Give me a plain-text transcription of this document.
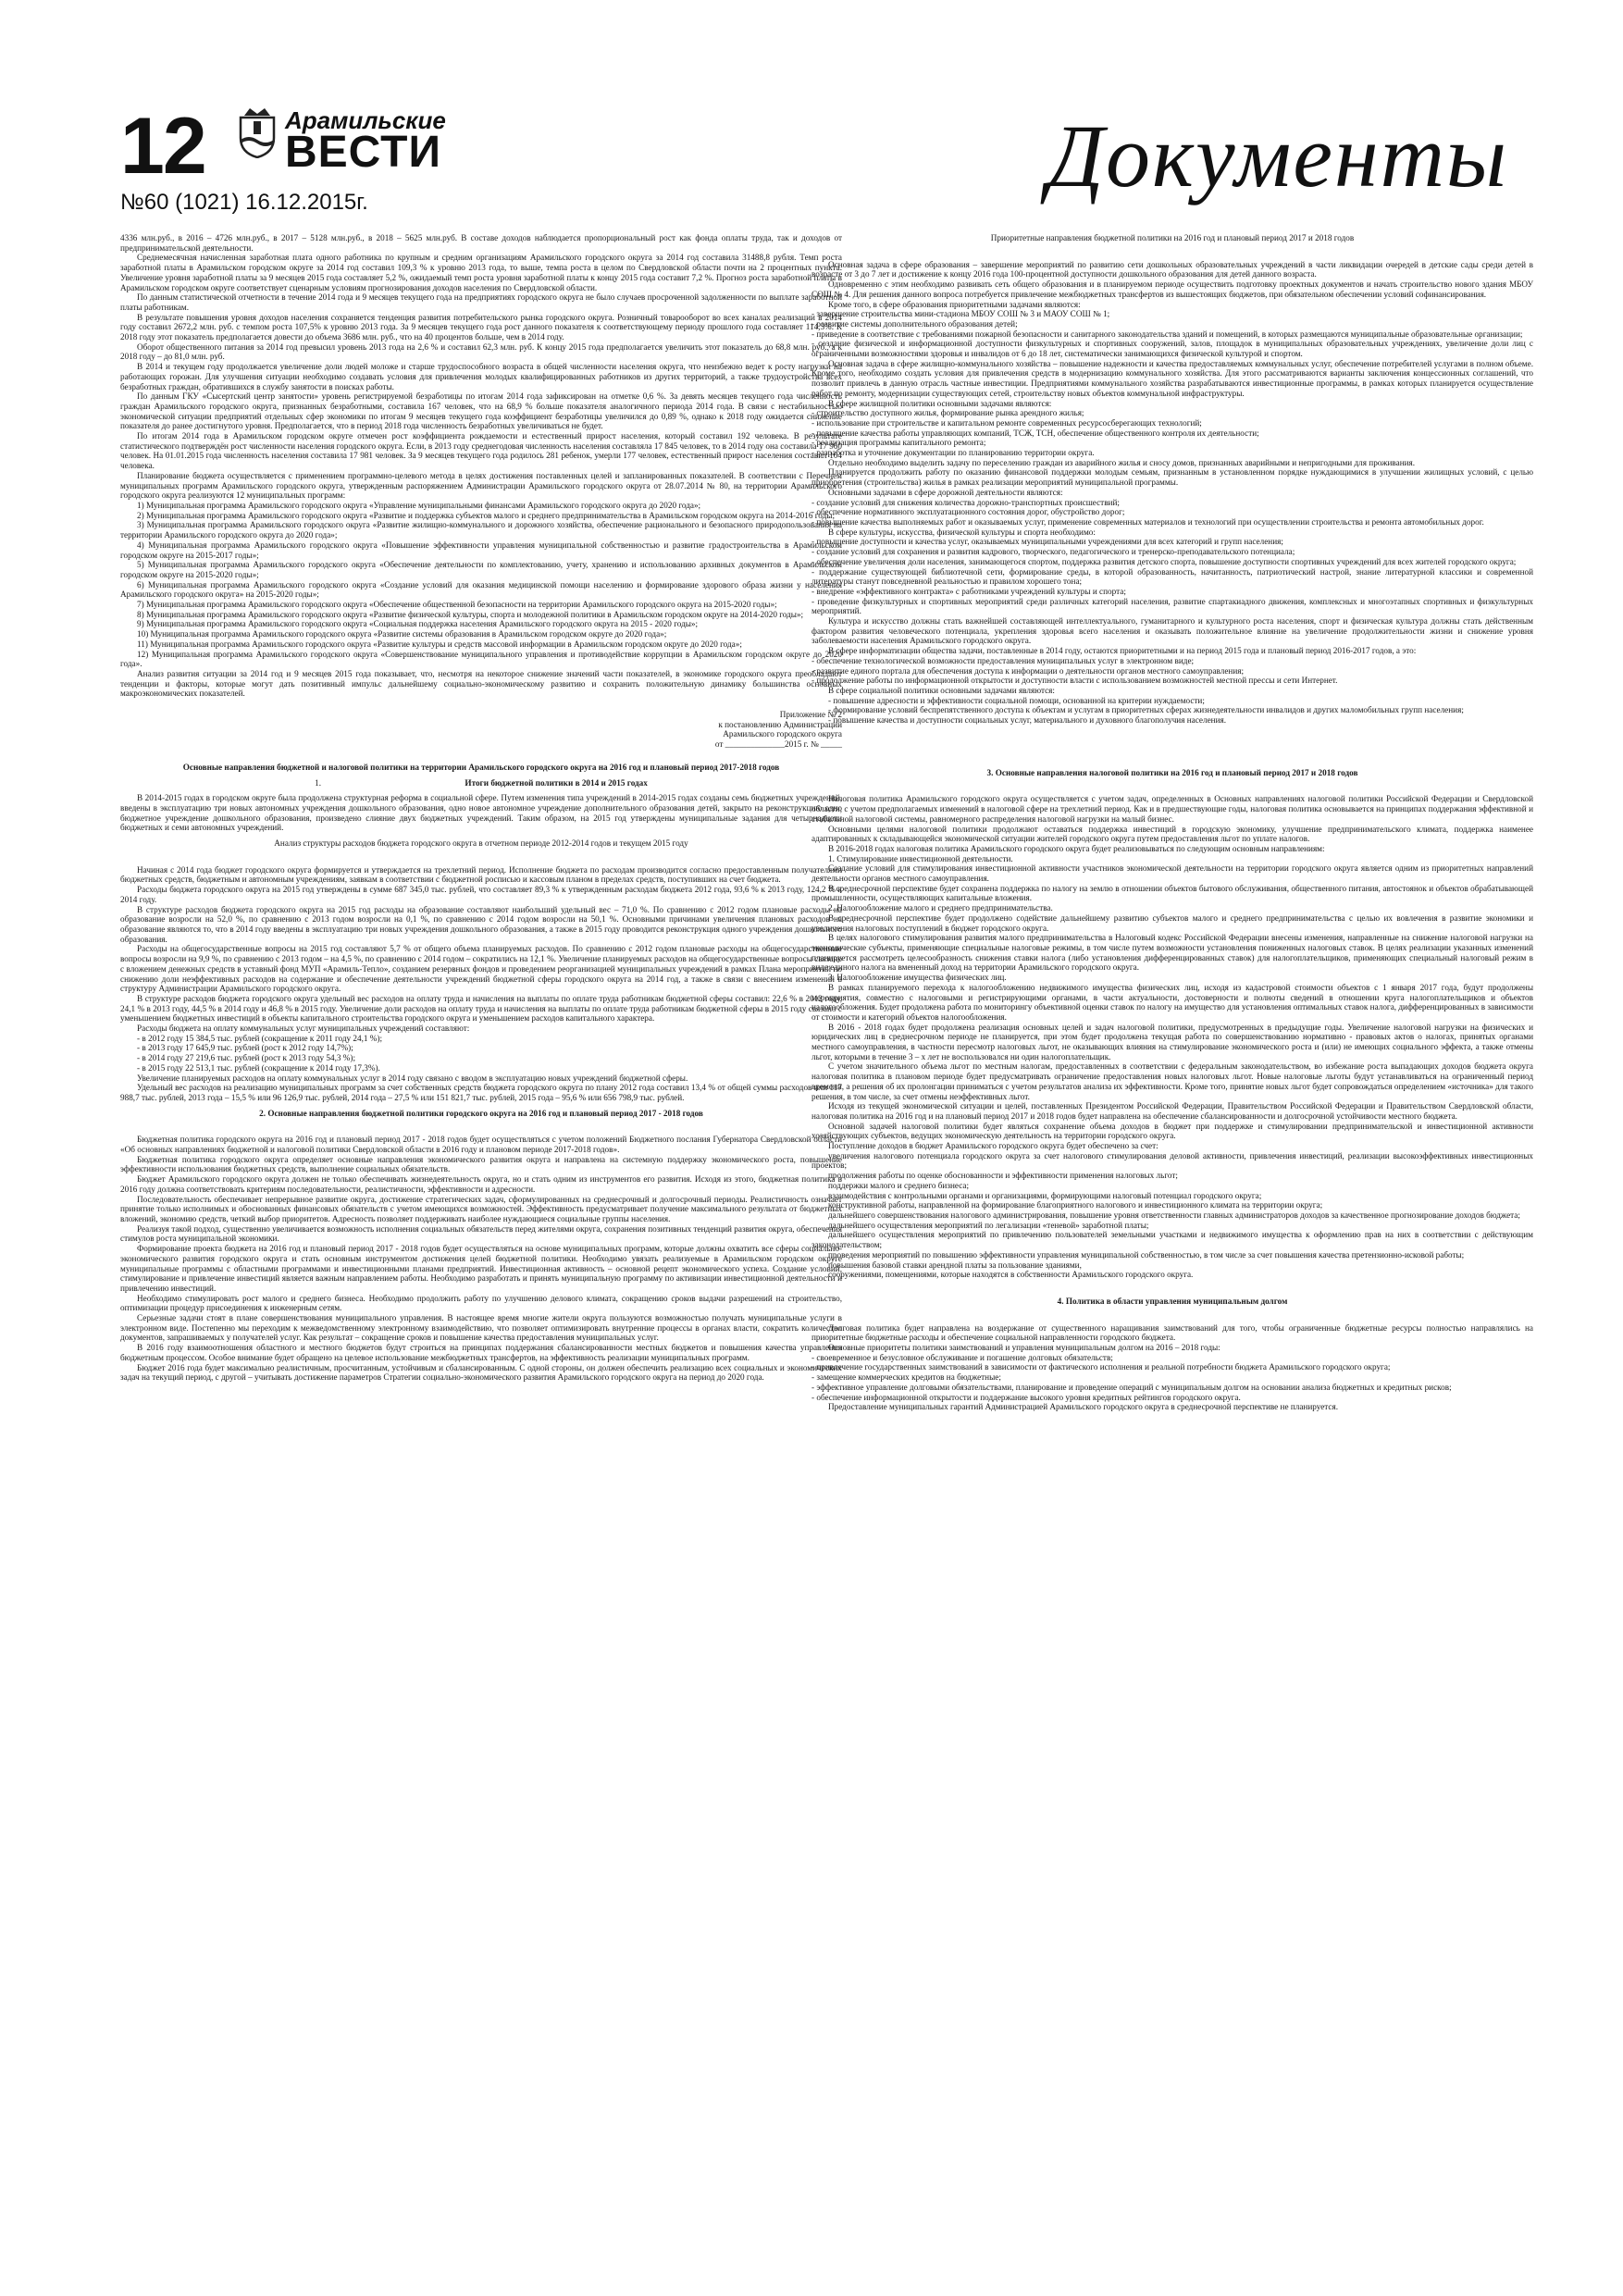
12	Арамильские
ВЕСТИ
№60 (1021) 16.12.2015г.	Документы

4336 млн.руб., в 2016 – 4726 млн.руб., в 2017 – 5128 млн.руб., в 2018 – 5625 млн.руб. В составе доходов наблюдается пропорциональный рост как фонда оплаты труда, так и доходов от предпринимательской деятельности.

Среднемесячная начисленная заработная плата одного работника по крупным и средним организациям Арамильского городского округа за 2014 год составила 31488,8 рубля. Темп роста заработной платы в Арамильском городском округе за 2014 год составил 109,3 % к уровню 2013 года, то выше, темпа роста в целом по Свердловской области почти на 2 процентных пункта. Увеличение уровня заработной платы за 9 месяцев 2015 года составляет 5,2 %, ожидаемый темп роста уровня заработной платы к концу 2015 года составит 7,2 %. Прогноз роста заработной платы в Арамильском городском округе соответствует сценарным условиям прогнозирования доходов населения по Свердловской области.

По данным статистической отчетности в течение 2014 года и 9 месяцев текущего года на предприятиях городского округа не было случаев просроченной задолженности по выплате заработной платы работникам.

В результате повышения уровня доходов населения сохраняется тенденция развития потребительского рынка городского округа. Розничный товарооборот во всех каналах реализации в 2014 году составил 2672,2 млн. руб. с темпом роста 107,5% к уровню 2013 года. За 9 месяцев текущего года рост данного показателя к соответствующему периоду прошлого года составляет 114,3%. К 2018 году этот показатель предполагается довести до объема 3686 млн. руб., что на 40 процентов больше, чем в 2014 году.

Оборот общественного питания за 2014 год превысил уровень 2013 года на 2,6 % и составил 62,3 млн. руб. К концу 2015 года предполагается увеличить этот показатель до 68,8 млн. руб., а к 2018 году – до 81,0 млн. руб.

В 2014 и текущем году продолжается увеличение доли людей моложе и старше трудоспособного возраста в общей численности населения округа, что неизбежно ведет к росту нагрузки на работающих горожан. Для улучшения ситуации необходимо создавать условия для привлечения молодых квалифицированных работников из других территорий, а также трудоустройства всех безработных граждан, обратившихся в службу занятости в поисках работы.

По данным ГКУ «Сысертский центр занятости» уровень регистрируемой безработицы по итогам 2014 года зафиксирован на отметке 0,6 %. За девять месяцев текущего года численность граждан Арамильского городского округа, признанных безработными, составила 167 человек, что на 68,9 % больше показателя аналогичного периода 2014 года. В связи с нестабильностью экономической ситуации предприятий отдельных сфер экономики по итогам 9 месяцев текущего года коэффициент безработицы увеличился до 0,89 %, однако к 2018 году ожидается снижение показателя до ранее достигнутого уровня. Предполагается, что в период 2018 года численность безработных увеличиваться не будет.

По итогам 2014 года в Арамильском городском округе отмечен рост коэффициента рождаемости и естественный прирост населения, который составил 192 человека. В результате статистического подтверждён рост численности населения городского округа. Если, в 2013 году среднегодовая численность населения составляла 17 845 человек, то в 2014 году она составила 17 960 человек. На 01.01.2015 года численность населения составила 17 981 человек. За 9 месяцев текущего года родилось 281 ребенок, умерли 177 человек, естественный прирост населения составил 104 человека.

Планирование бюджета осуществляется с применением программно-целевого метода в целях достижения поставленных целей и запланированных показателей. В соответствии с Перечнем муниципальных программ Арамильского городского округа, утвержденным распоряжением Администрации Арамильского городского округа от 28.07.2014 № 80, на территории Арамильского городского округа реализуются 12 муниципальных программ:

1) Муниципальная программа Арамильского городского округа «Управление муниципальными финансами Арамильского городского округа до 2020 года»;

2) Муниципальная программа Арамильского городского округа «Развитие и поддержка субъектов малого и среднего предпринимательства в Арамильском городском округа на 2014-2016 годы;

3) Муниципальная программа Арамильского городского округа «Развитие жилищно-коммунального и дорожного хозяйства, обеспечение рационального и безопасного природопользования на территории Арамильского городского округа до 2020 года»;

4) Муниципальная программа Арамильского городского округа «Повышение эффективности управления муниципальной собственностью и развитие градостроительства в Арамильском городском округе на 2015-2017 годы»;

5) Муниципальная программа Арамильского городского округа «Обеспечение деятельности по комплектованию, учету, хранению и использованию архивных документов в Арамильском городском округе на 2015-2020 годы»;

6) Муниципальная программа Арамильского городского округа «Создание условий для оказания медицинской помощи населению и формирование здорового образа жизни у населения Арамильского городского округа» на 2015-2020 годы»;

7) Муниципальная программа Арамильского городского округа «Обеспечение общественной безопасности на территории Арамильского городского округа на 2015-2020 годы»;

8) Муниципальная программа Арамильского городского округа «Развитие физической культуры, спорта и молодежной политики в Арамильском городском округе на 2014-2020 годы»;

9) Муниципальная программа Арамильского городского округа «Социальная поддержка населения Арамильского городского округа на 2015 - 2020 годы»;

10) Муниципальная программа Арамильского городского округа «Развитие системы образования в Арамильском городском округе до 2020 года»;

11) Муниципальная программа Арамильского городского округа «Развитие культуры и средств массовой информации в Арамильском городском округе до 2020 года»;

12) Муниципальная программа Арамильского городского округа «Совершенствование муниципального управления и противодействие коррупции в Арамильском городском округе до 2020 года».

Анализ развития ситуации за 2014 год и 9 месяцев 2015 года показывает, что, несмотря на некоторое снижение значений части показателей, в экономике городского округа преобладают тенденции и факторы, которые могут дать позитивный импульс дальнейшему социально-экономическому развитию и сохранить положительную динамику большинства основных макроэкономических показателей.

Приложение № 2
к постановлению Администрации
Арамильского городского округа
от ______________2015 г. № _____
Основные направления бюджетной и налоговой политики на территории Арамильского городского округа на 2016 год и плановый период 2017-2018 годов
1.	Итоги бюджетной политики в 2014 и 2015 годах

В 2014-2015 годах в городском округе была продолжена структурная реформа в социальной сфере. Путем изменения типа учреждений в 2014-2015 годах созданы семь бюджетных учреждений, введены в эксплуатацию три новых автономных учреждения дошкольного образования, одно новое автономное учреждение дополнительного образования детей, закрыто на реконструкцию одно бюджетное учреждение дошкольного образования, произведено слияние двух бюджетных учреждений. Таким образом, на 2015 год утверждены муниципальные задания для четырнадцати бюджетных и семи автономных учреждений.

Анализ структуры расходов бюджета городского округа в отчетном периоде 2012-2014 годов и текущем 2015 году

Начиная с 2014 года бюджет городского округа формируется и утверждается на трехлетний период. Исполнение бюджета по расходам производится согласно предоставленным получателями бюджетных средств, бюджетным и автономным учреждениям, заявкам в соответствии с бюджетной росписью и кассовым планом в пределах средств, поступивших на счет бюджета.

Расходы бюджета городского округа на 2015 год утверждены в сумме 687 345,0 тыс. рублей, что составляет 89,3 % к утвержденным расходам бюджета 2012 года, 93,6 % к 2013 году, 124,2 % к 2014 году.

В структуре расходов бюджета городского округа на 2015 год расходы на образование составляют наибольший удельный вес – 71,0 %. По сравнению с 2012 годом плановые расходы на образование возросли на 52,0 %, по сравнению с 2013 годом возросли на 0,1 %, по сравнению с 2014 годом возросли на 50,1 %. Основными причинами увеличения плановых расходов на образование являются то, что в 2014 году введены в эксплуатацию три новых учреждения дошкольного образования, а также в 2015 году проводится реконструкция одного учреждения дошкольного образования.

Расходы на общегосударственные вопросы на 2015 год составляют 5,7 % от общего объема планируемых расходов. По сравнению с 2012 годом плановые расходы на общегосударственные вопросы возросли на 9,9 %, по сравнению с 2013 годом – на 4,5 %, по сравнению с 2014 годом – сократились на 12,1 %. Увеличение планируемых расходов на общегосударственные вопросы связано с вложением денежных средств в уставный фонд МУП «Арамиль-Тепло», созданием резервных фондов и проведением реорганизацией муниципальных учреждений в рамках Плана мероприятий по снижению доли неэффективных расходов на содержание и обеспечение деятельности учреждений бюджетной сферы городского округа на 2014 год, а также в связи с внесением изменений в структуру Администрации Арамильского городского округа.

В структуре расходов бюджета городского округа удельный вес расходов на оплату труда и начисления на выплаты по оплате труда работникам бюджетной сферы составил: 22,6 % в 2012 году, 24,1 % в 2013 году, 44,5 % в 2014 году и 46,8 % в 2015 году. Увеличение доли расходов на оплату труда и начисления на выплаты по оплате труда работникам бюджетной сферы в 2015 году связано с уменьшением бюджетных инвестиций в объекты капитального строительства городского округа и уменьшением расходов капитального характера.

Расходы бюджета на оплату коммунальных услуг муниципальных учреждений составляют:

- в 2012 году 15 384,5 тыс. рублей (сокращение к 2011 году 24,1 %);

- в 2013 году 17 645,9 тыс. рублей (рост к 2012 году 14,7%);

- в 2014 году 27 219,6 тыс. рублей (рост к 2013 году 54,3 %);

- в 2015 году 22 513,1 тыс. рублей (сокращение к 2014 году 17,3%).

Увеличение планируемых расходов на оплату коммунальных услуг в 2014 году связано с вводом в эксплуатацию новых учреждений бюджетной сферы.

Удельный вес расходов на реализацию муниципальных программ за счет собственных средств бюджета городского округа по плану 2012 года составил 13,4 % от общей суммы расходов или 117 988,7 тыс. рублей, 2013 года – 15,5 % или 96 126,9 тыс. рублей, 2014 года – 27,5 % или 151 821,7 тыс. рублей, 2015 года – 95,6 % или 656 798,9 тыс. рублей.

2. Основные направления бюджетной политики городского округа на 2016 год и плановый период 2017 - 2018 годов

Бюджетная политика городского округа на 2016 год и плановый период 2017 - 2018 годов будет осуществляться с учетом положений Бюджетного послания Губернатора Свердловской области «Об основных направлениях бюджетной и налоговой политики Свердловской области в 2016 году и плановом периоде 2017-2018 годов».

Бюджетная политика городского округа определяет основные направления экономического развития округа и направлена на системную поддержку экономического роста, повышение эффективности использования бюджетных средств, выполнение социальных обязательств.

Бюджет Арамильского городского округа должен не только обеспечивать жизнедеятельность округа, но и стать одним из инструментов его развития. Исходя из этого, бюджетная политика в 2016 году должна соответствовать критериям последовательности, реалистичности, эффективности и адресности.

Последовательность обеспечивает непрерывное развитие округа, достижение стратегических задач, сформулированных на среднесрочный и долгосрочный периоды. Реалистичность означает принятие только исполнимых и обоснованных финансовых обязательств с учетом имеющихся возможностей. Эффективность предусматривает получение максимального результата от бюджетных вложений, экономию средств, четкий выбор приоритетов. Адресность позволяет поддерживать наиболее нуждающиеся социальные группы населения.

Реализуя такой подход, существенно увеличивается возможность исполнения социальных обязательств перед жителями округа, сохранения позитивных тенденций развития округа, обеспечения стимулов роста муниципальной экономики.

Формирование проекта бюджета на 2016 год и плановый период 2017 - 2018 годов будет осуществляться на основе муниципальных программ, которые должны охватить все сферы социально-экономического развития городского округа и стать основным инструментом достижения целей бюджетной политики. Необходимо увязать реализуемые в Арамильском городском округе муниципальные программы с областными программами и инвестиционными планами предприятий. Инвестиционная активность – основной рецепт экономического успеха. Создание условий, стимулирование и привлечение инвестиций является важным направлением работы. Необходимо разработать и принять муниципальную программу по активизации инвестиционной деятельности и привлечению инвестиций.

Необходимо стимулировать рост малого и среднего бизнеса. Необходимо продолжить работу по улучшению делового климата, сокращению сроков выдачи разрешений на строительство, оптимизации процедур присоединения к инженерным сетям.

Серьезные задачи стоят в плане совершенствования муниципального управления. В настоящее время многие жители округа пользуются возможностью получать муниципальные услуги в электронном виде. Постепенно мы переходим к межведомственному электронному взаимодействию, что позволяет оптимизировать внутренние процессы в органах власти, сократить количество документов, запрашиваемых у получателей услуг. Как результат – сокращение сроков и повышение качества предоставления муниципальных услуг.

В 2016 году взаимоотношения областного и местного бюджетов будут строиться на принципах поддержания сбалансированности местных бюджетов и повышения качества управления бюджетным процессом. Особое внимание будет обращено на целевое использование межбюджетных трансфертов, на эффективность реализации муниципальных программ.

Бюджет 2016 года будет максимально реалистичным, просчитанным, устойчивым и сбалансированным. С одной стороны, он должен обеспечить реализацию всех социальных и экономических задач на текущий период, с другой – учитывать достижение параметров Стратегии социально-экономического развития Арамильского городского округа на период до 2020 года.

Приоритетные направления бюджетной политики на 2016 год и плановый период 2017 и 2018 годов

Основная задача в сфере образования – завершение мероприятий по развитию сети дошкольных образовательных учреждений в части ликвидации очередей в детские сады среди детей в возрасте от 3 до 7 лет и достижение к концу 2016 года 100-процентной доступности дошкольного образования для детей данного возраста.

Одновременно с этим необходимо развивать сеть общего образования и в планируемом периоде осуществить подготовку проектных документов и начать строительство нового здания МБОУ СОШ № 4. Для решения данного вопроса потребуется привлечение межбюджетных трансфертов из вышестоящих бюджетов, при обязательном обеспечении условий софинансирования.

Кроме того, в сфере образования приоритетными задачами являются:

- завершение строительства мини-стадиона МБОУ СОШ № 3 и МАОУ СОШ № 1;

- развитие системы дополнительного образования детей;

- приведение в соответствие с требованиями пожарной безопасности и санитарного законодательства зданий и помещений, в которых размещаются муниципальные образовательные организации;

- создание физической и информационной доступности физкультурных и спортивных сооружений, залов, площадок в муниципальных образовательных учреждениях, увеличение доли лиц с ограниченными возможностями здоровья и инвалидов от 6 до 18 лет, систематически занимающихся физической культурой и спортом.

Основная задача в сфере жилищно-коммунального хозяйства – повышение надежности и качества предоставляемых коммунальных услуг, обеспечение потребителей услугами в полном объеме. Кроме того, необходимо создать условия для привлечения средств в модернизацию коммунального хозяйства. Для этого рассматриваются варианты заключения концессионных соглашений, что позволит привлечь в данную отрасль частные инвестиции. Предприятиями коммунального хозяйства разрабатываются инвестиционные программы, в рамках которых планируется осуществление работ по ремонту, модернизации существующих сетей, строительству новых объектов коммунальной инфраструктуры.

В сфере жилищной политики основными задачами являются:

- строительство доступного жилья, формирование рынка арендного жилья;

- использование при строительстве и капитальном ремонте современных ресурсосберегающих технологий;

- повышение качества работы управляющих компаний, ТСЖ, ТСН, обеспечение общественного контроля их деятельности;

- реализация программы капитального ремонта;

- разработка и уточнение документации по планированию территории округа.

Отдельно необходимо выделить задачу по переселению граждан из аварийного жилья и сносу домов, признанных аварийными и непригодными для проживания.

Планируется продолжить работу по оказанию финансовой поддержки молодым семьям, признанным в установленном порядке нуждающимися в улучшении жилищных условий, с целью приобретения (строительства) жилья в рамках реализации мероприятий муниципальной программы.

Основными задачами в сфере дорожной деятельности являются:

- создание условий для снижения количества дорожно-транспортных происшествий;

- обеспечение нормативного эксплуатационного состояния дорог, обустройство дорог;

- повышение качества выполняемых работ и оказываемых услуг, применение современных материалов и технологий при осуществлении строительства и ремонта автомобильных дорог.

В сфере культуры, искусства, физической культуры и спорта необходимо:

- повышение доступности и качества услуг, оказываемых муниципальными учреждениями для всех категорий и групп населения;

- создание условий для сохранения и развития кадрового, творческого, педагогического и тренерско-преподавательского потенциала;

- обеспечение увеличения доли населения, занимающегося спортом, поддержка развития детского спорта, повышение доступности спортивных учреждений для всех жителей городского округа;

- поддержание существующей библиотечной сети, формирование среды, в которой образованность, начитанность, патриотический настрой, знание литературной классики и современной литературы станут повседневной реальностью и правилом хорошего тона;

- внедрение «эффективного контракта» с работниками учреждений культуры и спорта;

- проведение физкультурных и спортивных мероприятий среди различных категорий населения, развитие спартакиадного движения, комплексных и многоэтапных спортивных и физкультурных мероприятий.

Культура и искусство должны стать важнейшей составляющей интеллектуального, гуманитарного и культурного роста населения, спорт и физическая культура должны стать действенным фактором развития человеческого потенциала, укрепления здоровья всего населения и оказывать положительное влияние на увеличение продолжительности жизни и снижение уровня заболеваемости населения Арамильского городского округа.

В сфере информатизации общества задачи, поставленные в 2014 году, остаются приоритетными и на период 2015 года и плановый период 2016-2017 годов, а это:

- обеспечение технологической возможности предоставления муниципальных услуг в электронном виде;

- развитие единого портала для обеспечения доступа к информации о деятельности органов местного самоуправления;

- продолжение работы по информационной открытости и доступности власти с использованием возможностей местной прессы и сети Интернет.

В сфере социальной политики основными задачами являются:

- повышение адресности и эффективности социальной помощи, основанной на критерии нуждаемости;

- формирование условий беспрепятственного доступа к объектам и услугам в приоритетных сферах жизнедеятельности инвалидов и других маломобильных групп населения;

- повышение качества и доступности социальных услуг, материального и духовного благополучия населения.

3. Основные направления налоговой политики на 2016 год и плановый период 2017 и 2018 годов

Налоговая политика Арамильского городского округа осуществляется с учетом задач, определенных в Основных направлениях налоговой политики Российской Федерации и Свердловской области, с учетом предполагаемых изменений в налоговой сфере на трехлетний период. Как и в предшествующие годы, налоговая политика основывается на принципах поддержания эффективной и стабильной налоговой системы, равномерного распределения налоговой нагрузки на малый бизнес.

Основными целями налоговой политики продолжают оставаться поддержка инвестиций в городскую экономику, улучшение предпринимательского климата, поддержка наименее адаптированных к складывающейся экономической ситуации жителей городского округа путем предоставления льгот по уплате налогов.

В 2016-2018 годах налоговая политика Арамильского городского округа будет реализовываться по следующим основным направлениям:

1. Стимулирование инвестиционной деятельности.

Создание условий для стимулирования инвестиционной активности участников экономической деятельности на территории городского округа является одним из приоритетных направлений деятельности органов местного самоуправления.

В среднесрочной перспективе будет сохранена поддержка по налогу на землю в отношении объектов бытового обслуживания, общественного питания, автостоянок и объектов обрабатывающей промышленности, осуществляющих капитальные вложения.

2. Налогообложение малого и среднего предпринимательства.

В среднесрочной перспективе будет продолжено содействие дальнейшему развитию субъектов малого и среднего предпринимательства с целью их вовлечения в развитие экономики и увеличения налоговых поступлений в бюджет городского округа.

В целях налогового стимулирования развития малого предпринимательства в Налоговый кодекс Российской Федерации внесены изменения, направленные на снижение налоговой нагрузки на экономические субъекты, применяющие специальные налоговые режимы, в том числе путем возможности установления пониженных налоговых ставок. В целях реализации указанных изменений планируется рассмотреть целесообразность снижения ставки налога (либо установления дифференцированных ставок) для налогоплательщиков, применяющих специальный налоговый режим в виде единого налога на вмененный доход на территории Арамильского городского округа.

3. Налогообложение имущества физических лиц.

В рамках планируемого перехода к налогообложению недвижимого имущества физических лиц, исходя из кадастровой стоимости объектов с 1 января 2017 года, будут продолжены мероприятия, совместно с налоговыми и регистрирующими органами, в части актуальности, достоверности и полноты сведений в отношении круга налогоплательщиков и объектов налогообложения. Будет продолжена работа по мониторингу объективной оценки ставок по налогу на имущество для установления оптимальных ставок налога, дифференцированных в зависимости от стоимости и категорий объектов налогообложения.

В 2016 - 2018 годах будет продолжена реализация основных целей и задач налоговой политики, предусмотренных в предыдущие годы. Увеличение налоговой нагрузки на физических и юридических лиц в среднесрочном периоде не планируется, при этом будет продолжена текущая работа по совершенствованию нормативно - правовых актов о налогах, принятых органами местного самоуправления, в частности пересмотр налоговых льгот, не оказывающих влияния на стимулирование экономического роста и (или) не имеющих социального эффекта, а также отмены льгот, которыми в течение 3 – х лет не воспользовался ни один налогоплательщик.

С учетом значительного объема льгот по местным налогам, предоставленных в соответствии с федеральным законодательством, во избежание роста выпадающих доходов бюджета округа налоговая политика в плановом периоде будет предусматривать ограничение предоставления новых налоговых льгот. Новые налоговые льготы будут устанавливаться на ограниченный период времени, а решения об их пролонгации приниматься с учетом результатов анализа их эффективности. Кроме того, принятие новых льгот будет сопровождаться определением «источника» для такого решения, в том числе, за счет отмены неэффективных льгот.

Исходя из текущей экономической ситуации и целей, поставленных Президентом Российской Федерации, Правительством Российской Федерации и Правительством Свердловской области, налоговая политика на 2016 год и на плановый период 2017 и 2018 годов будет направлена на обеспечение сбалансированности и долгосрочной устойчивости местного бюджета.

Основной задачей налоговой политики будет являться сохранение объема доходов в бюджет при поддержке и стимулировании предпринимательской и инвестиционной активности хозяйствующих субъектов, ведущих экономическую деятельность на территории городского округа.

Поступление доходов в бюджет Арамильского городского округа будет обеспечено за счет:

увеличения налогового потенциала городского округа за счет налогового стимулирования деловой активности, привлечения инвестиций, реализации высокоэффективных инвестиционных проектов;

продолжения работы по оценке обоснованности и эффективности применения налоговых льгот;

поддержки малого и среднего бизнеса;

взаимодействия с контрольными органами и организациями, формирующими налоговый потенциал городского округа;

конструктивной работы, направленной на формирование благоприятного налогового и инвестиционного климата на территории округа;

дальнейшего совершенствования налогового администрирования, повышение уровня ответственности главных администраторов доходов за качественное прогнозирование доходов бюджета;

дальнейшего осуществления мероприятий по легализации «теневой» заработной платы;

дальнейшего осуществления мероприятий по привлечению пользователей земельными участками и недвижимого имущества к оформлению прав на них в соответствии с действующим законодательством;

проведения мероприятий по повышению эффективности управления муниципальной собственностью, в том числе за счет повышения качества претензионно-исковой работы;

повышения базовой ставки арендной платы за пользование зданиями,

сооружениями, помещениями, которые находятся в собственности Арамильского городского округа.

4. Политика в области управления муниципальным долгом

Долговая политика будет направлена на воздержание от существенного наращивания заимствований для того, чтобы ограниченные бюджетные ресурсы полностью направлялись на приоритетные бюджетные расходы и обеспечение социальной направленности городского бюджета.

Основные приоритеты политики заимствований и управления муниципальным долгом на 2016 – 2018 годы:

- своевременное и безусловное обслуживание и погашение долговых обязательств;

- привлечение государственных заимствований в зависимости от фактического исполнения и реальной потребности бюджета Арамильского городского округа;

- замещение коммерческих кредитов на бюджетные;

- эффективное управление долговыми обязательствами, планирование и проведение операций с муниципальным долгом на основании анализа бюджетных и кредитных рисков;

- обеспечение информационной открытости и поддержание высокого уровня кредитных рейтингов городского округа.

Предоставление муниципальных гарантий Администрацией Арамильского городского округа в среднесрочной перспективе не планируется.
